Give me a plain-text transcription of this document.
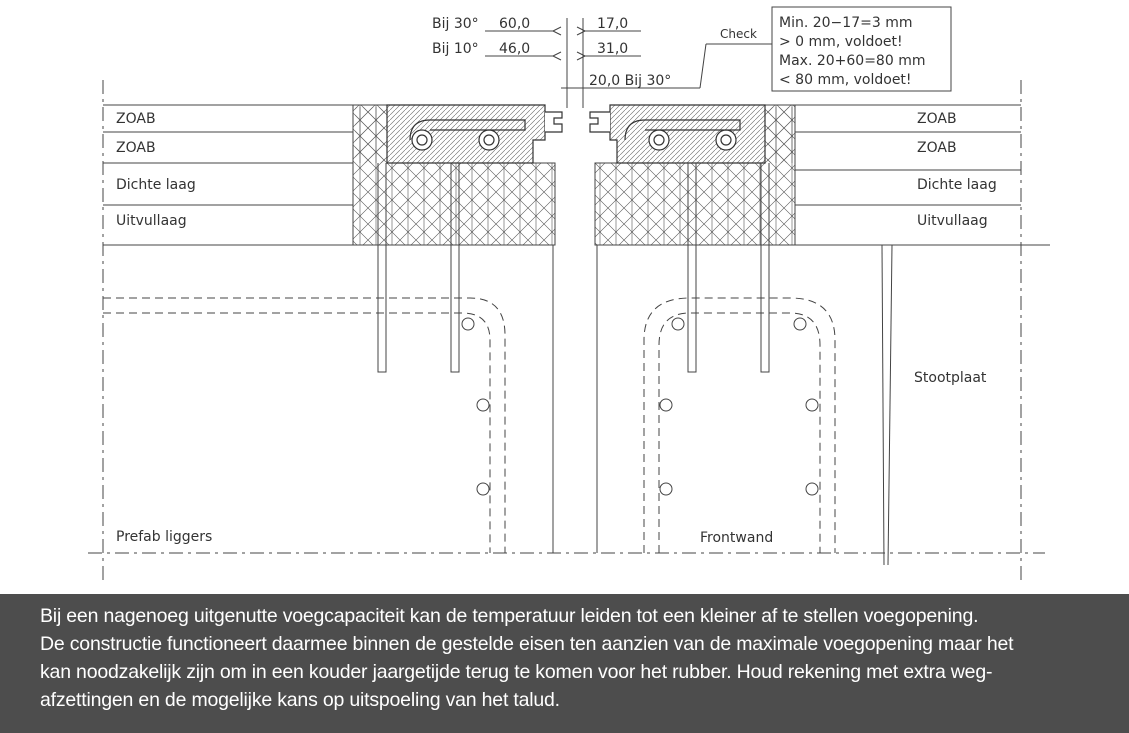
Bij 30° 60,0	17,0
Bij 10° 46,0	31,0
20,0 Bij 30°
Check
Min. 20−17=3 mm
> 0 mm, voldoet!
Max. 20+60=80 mm
< 80 mm, voldoet!
ZOAB
ZOAB
Dichte laag
Uitvullaag
ZOAB
ZOAB
Dichte laag
Uitvullaag
Prefab liggers	Frontwand
Stootplaat
Bij een nagenoeg uitgenutte voegcapaciteit kan de temperatuur leiden tot een kleiner af te stellen voegopening.
De constructie functioneert daarmee binnen de gestelde eisen ten aanzien van de maximale voegopening maar het
kan noodzakelijk zijn om in een kouder jaargetijde terug te komen voor het rubber. Houd rekening met extra weg-
afzettingen en de mogelijke kans op uitspoeling van het talud.
